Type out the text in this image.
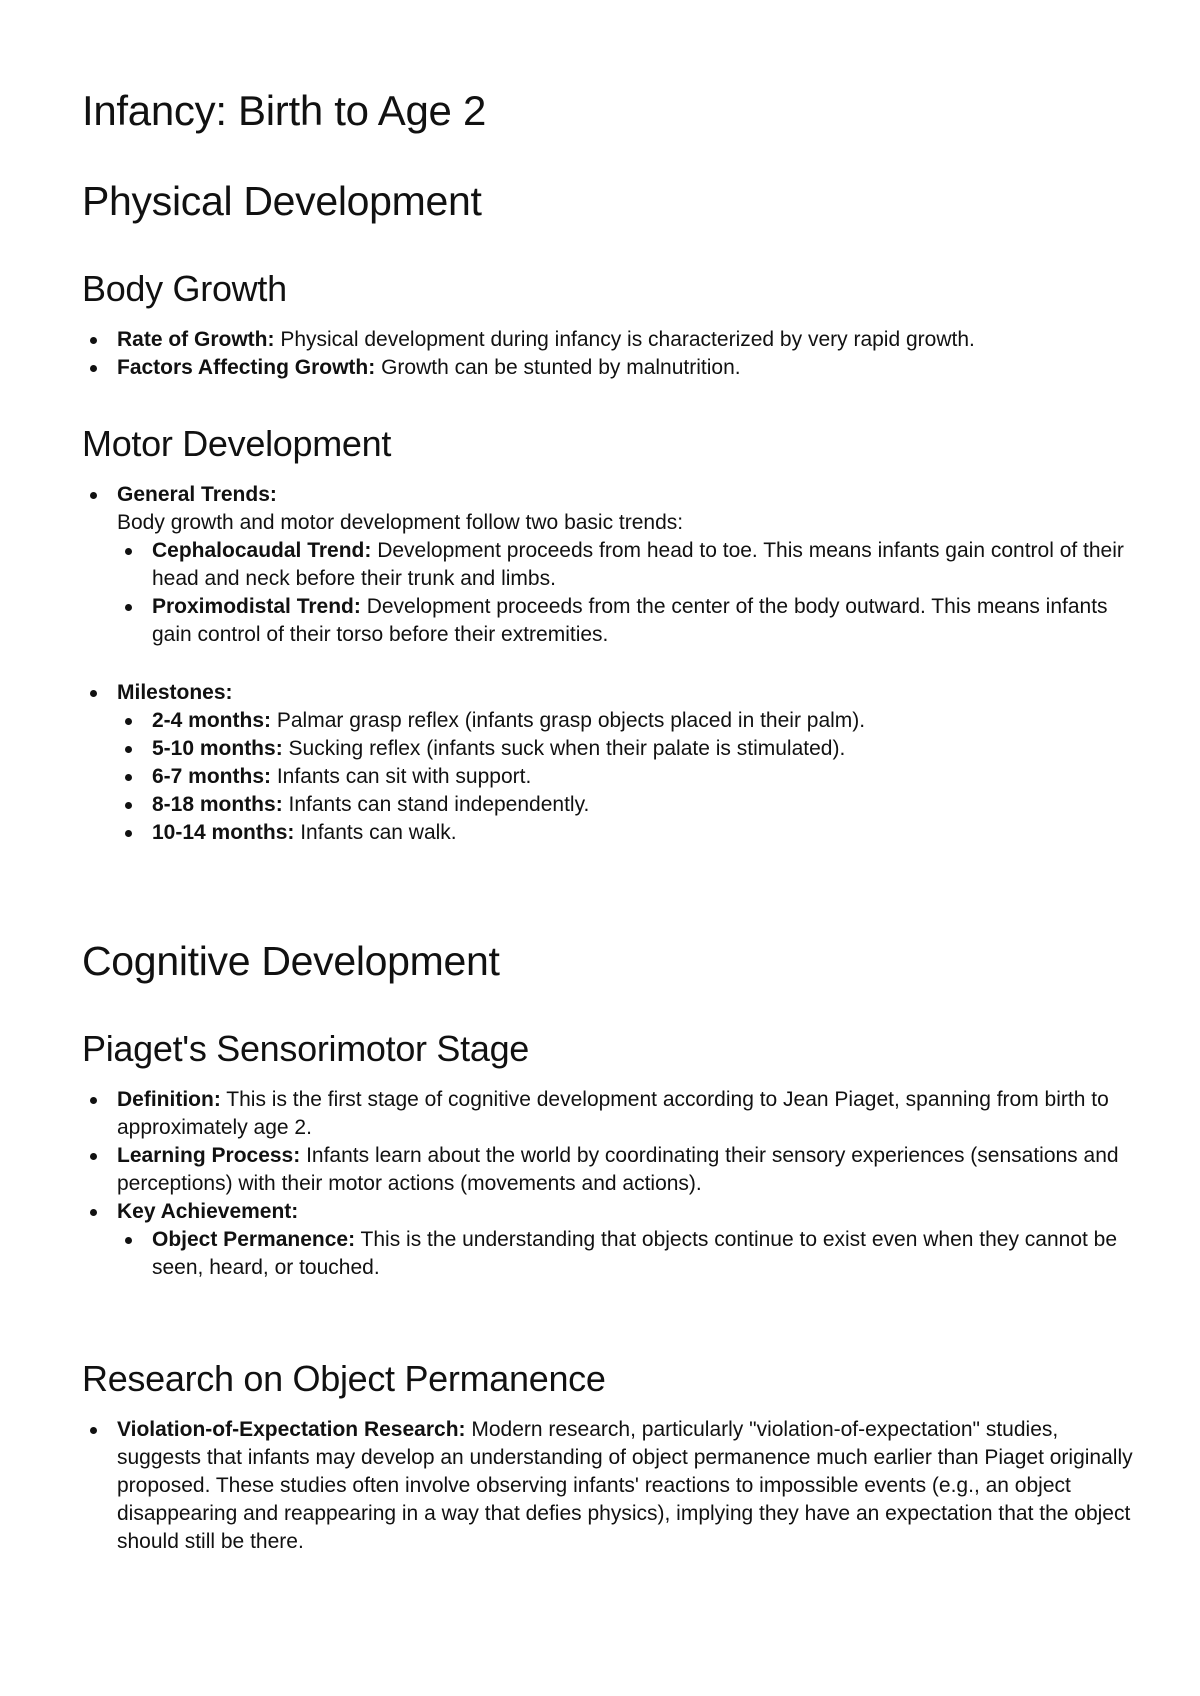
Infancy: Birth to Age 2
Physical Development
Body Growth
Rate of Growth: Physical development during infancy is characterized by very rapid growth.
Factors Affecting Growth: Growth can be stunted by malnutrition.
Motor Development
General Trends:
Body growth and motor development follow two basic trends:
Cephalocaudal Trend: Development proceeds from head to toe. This means infants gain control of their head and neck before their trunk and limbs.
Proximodistal Trend: Development proceeds from the center of the body outward. This means infants gain control of their torso before their extremities.
Milestones:
2-4 months: Palmar grasp reflex (infants grasp objects placed in their palm).
5-10 months: Sucking reflex (infants suck when their palate is stimulated).
6-7 months: Infants can sit with support.
8-18 months: Infants can stand independently.
10-14 months: Infants can walk.
Cognitive Development
Piaget's Sensorimotor Stage
Definition: This is the first stage of cognitive development according to Jean Piaget, spanning from birth to approximately age 2.
Learning Process: Infants learn about the world by coordinating their sensory experiences (sensations and perceptions) with their motor actions (movements and actions).
Key Achievement:
Object Permanence: This is the understanding that objects continue to exist even when they cannot be seen, heard, or touched.
Research on Object Permanence
Violation-of-Expectation Research: Modern research, particularly "violation-of-expectation" studies, suggests that infants may develop an understanding of object permanence much earlier than Piaget originally proposed. These studies often involve observing infants' reactions to impossible events (e.g., an object disappearing and reappearing in a way that defies physics), implying they have an expectation that the object should still be there.
